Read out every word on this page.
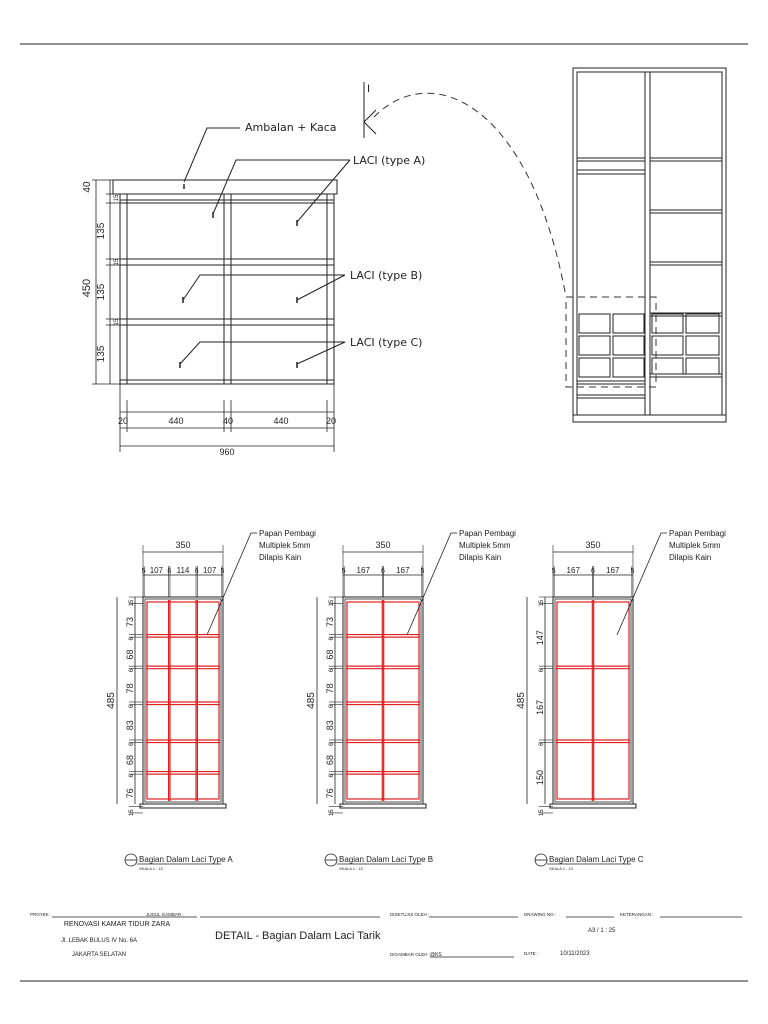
Ambalan + Kaca
LACI (type A)
LACI (type B)
LACI (type C)
40
450
135
135
135
15
15
15
20	440	40	440	20
960
I
350
5 107 6 114 6 107 5
15
73
6
68
6
78
6
83
6
68
6
76
15
485
Papan Pembagi
Multiplek 5mm
Dilapis Kain
Bagian Dalam Laci Type A
SKALA 1 : 10
350
5 167 6 167 5
15
73
6
68
6
78
6
83
6
68
6
76
15
485
Papan Pembagi
Multiplek 5mm
Dilapis Kain
Bagian Dalam Laci Type B
SKALA 1 : 10
350
5 167 6 167 5
15
147
6
167
6
150
15
485
Papan Pembagi
Multiplek 5mm
Dilapis Kain
Bagian Dalam Laci Type C
SKALA 1 : 10
PROYEK :
RENOVASI KAMAR TIDUR ZARA
Jl. LEBAK BULUS IV No. 6A
JAKARTA SELATAN
JUDUL GAMBAR :
DETAIL - Bagian Dalam Laci Tarik
DISETUJUI OLEH :
DIGAMBAR OLEH : @KS
DRAWING NO :
A3 / 1 : 25
DATE :	10/11/2023
KETERANGAN :
